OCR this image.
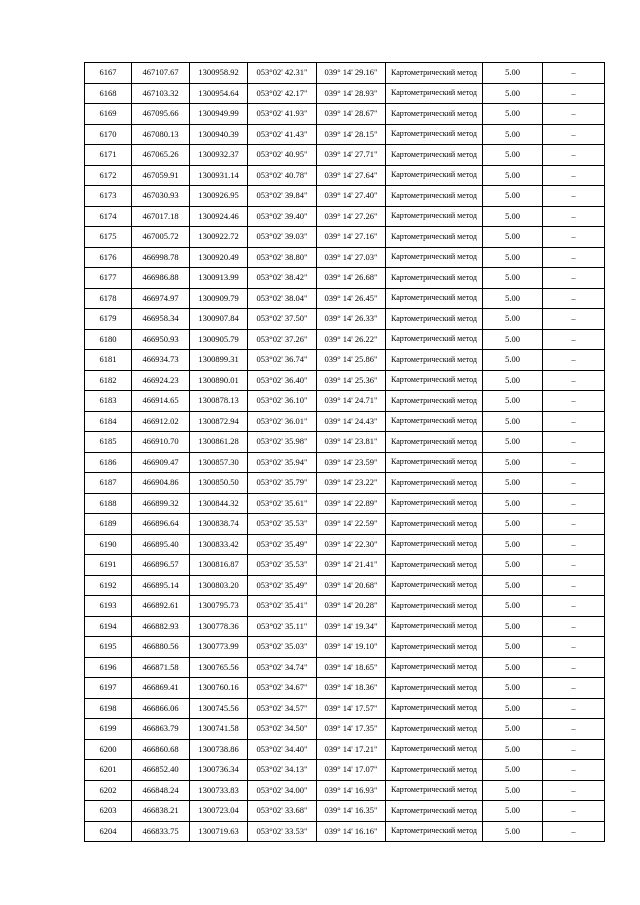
6167	467107.67	1300958.92	053°02' 42.31"	039° 14' 29.16"	Картометрический метод	5.00	–
6168	467103.32	1300954.64	053°02' 42.17"	039° 14' 28.93"	Картометрический метод	5.00	–
6169	467095.66	1300949.99	053°02' 41.93"	039° 14' 28.67"	Картометрический метод	5.00	–
6170	467080.13	1300940.39	053°02' 41.43"	039° 14' 28.15"	Картометрический метод	5.00	–
6171	467065.26	1300932.37	053°02' 40.95"	039° 14' 27.71"	Картометрический метод	5.00	–
6172	467059.91	1300931.14	053°02' 40.78"	039° 14' 27.64"	Картометрический метод	5.00	–
6173	467030.93	1300926.95	053°02' 39.84"	039° 14' 27.40"	Картометрический метод	5.00	–
6174	467017.18	1300924.46	053°02' 39.40"	039° 14' 27.26"	Картометрический метод	5.00	–
6175	467005.72	1300922.72	053°02' 39.03"	039° 14' 27.16"	Картометрический метод	5.00	–
6176	466998.78	1300920.49	053°02' 38.80"	039° 14' 27.03"	Картометрический метод	5.00	–
6177	466986.88	1300913.99	053°02' 38.42"	039° 14' 26.68"	Картометрический метод	5.00	–
6178	466974.97	1300909.79	053°02' 38.04"	039° 14' 26.45"	Картометрический метод	5.00	–
6179	466958.34	1300907.84	053°02' 37.50"	039° 14' 26.33"	Картометрический метод	5.00	–
6180	466950.93	1300905.79	053°02' 37.26"	039° 14' 26.22"	Картометрический метод	5.00	–
6181	466934.73	1300899.31	053°02' 36.74"	039° 14' 25.86"	Картометрический метод	5.00	–
6182	466924.23	1300890.01	053°02' 36.40"	039° 14' 25.36"	Картометрический метод	5.00	–
6183	466914.65	1300878.13	053°02' 36.10"	039° 14' 24.71"	Картометрический метод	5.00	–
6184	466912.02	1300872.94	053°02' 36.01"	039° 14' 24.43"	Картометрический метод	5.00	–
6185	466910.70	1300861.28	053°02' 35.98"	039° 14' 23.81"	Картометрический метод	5.00	–
6186	466909.47	1300857.30	053°02' 35.94"	039° 14' 23.59"	Картометрический метод	5.00	–
6187	466904.86	1300850.50	053°02' 35.79"	039° 14' 23.22"	Картометрический метод	5.00	–
6188	466899.32	1300844.32	053°02' 35.61"	039° 14' 22.89"	Картометрический метод	5.00	–
6189	466896.64	1300838.74	053°02' 35.53"	039° 14' 22.59"	Картометрический метод	5.00	–
6190	466895.40	1300833.42	053°02' 35.49"	039° 14' 22.30"	Картометрический метод	5.00	–
6191	466896.57	1300816.87	053°02' 35.53"	039° 14' 21.41"	Картометрический метод	5.00	–
6192	466895.14	1300803.20	053°02' 35.49"	039° 14' 20.68"	Картометрический метод	5.00	–
6193	466892.61	1300795.73	053°02' 35.41"	039° 14' 20.28"	Картометрический метод	5.00	–
6194	466882.93	1300778.36	053°02' 35.11"	039° 14' 19.34"	Картометрический метод	5.00	–
6195	466880.56	1300773.99	053°02' 35.03"	039° 14' 19.10"	Картометрический метод	5.00	–
6196	466871.58	1300765.56	053°02' 34.74"	039° 14' 18.65"	Картометрический метод	5.00	–
6197	466869.41	1300760.16	053°02' 34.67"	039° 14' 18.36"	Картометрический метод	5.00	–
6198	466866.06	1300745.56	053°02' 34.57"	039° 14' 17.57"	Картометрический метод	5.00	–
6199	466863.79	1300741.58	053°02' 34.50"	039° 14' 17.35"	Картометрический метод	5.00	–
6200	466860.68	1300738.86	053°02' 34.40"	039° 14' 17.21"	Картометрический метод	5.00	–
6201	466852.40	1300736.34	053°02' 34.13"	039° 14' 17.07"	Картометрический метод	5.00	–
6202	466848.24	1300733.83	053°02' 34.00"	039° 14' 16.93"	Картометрический метод	5.00	–
6203	466838.21	1300723.04	053°02' 33.68"	039° 14' 16.35"	Картометрический метод	5.00	–
6204	466833.75	1300719.63	053°02' 33.53"	039° 14' 16.16"	Картометрический метод	5.00	–
